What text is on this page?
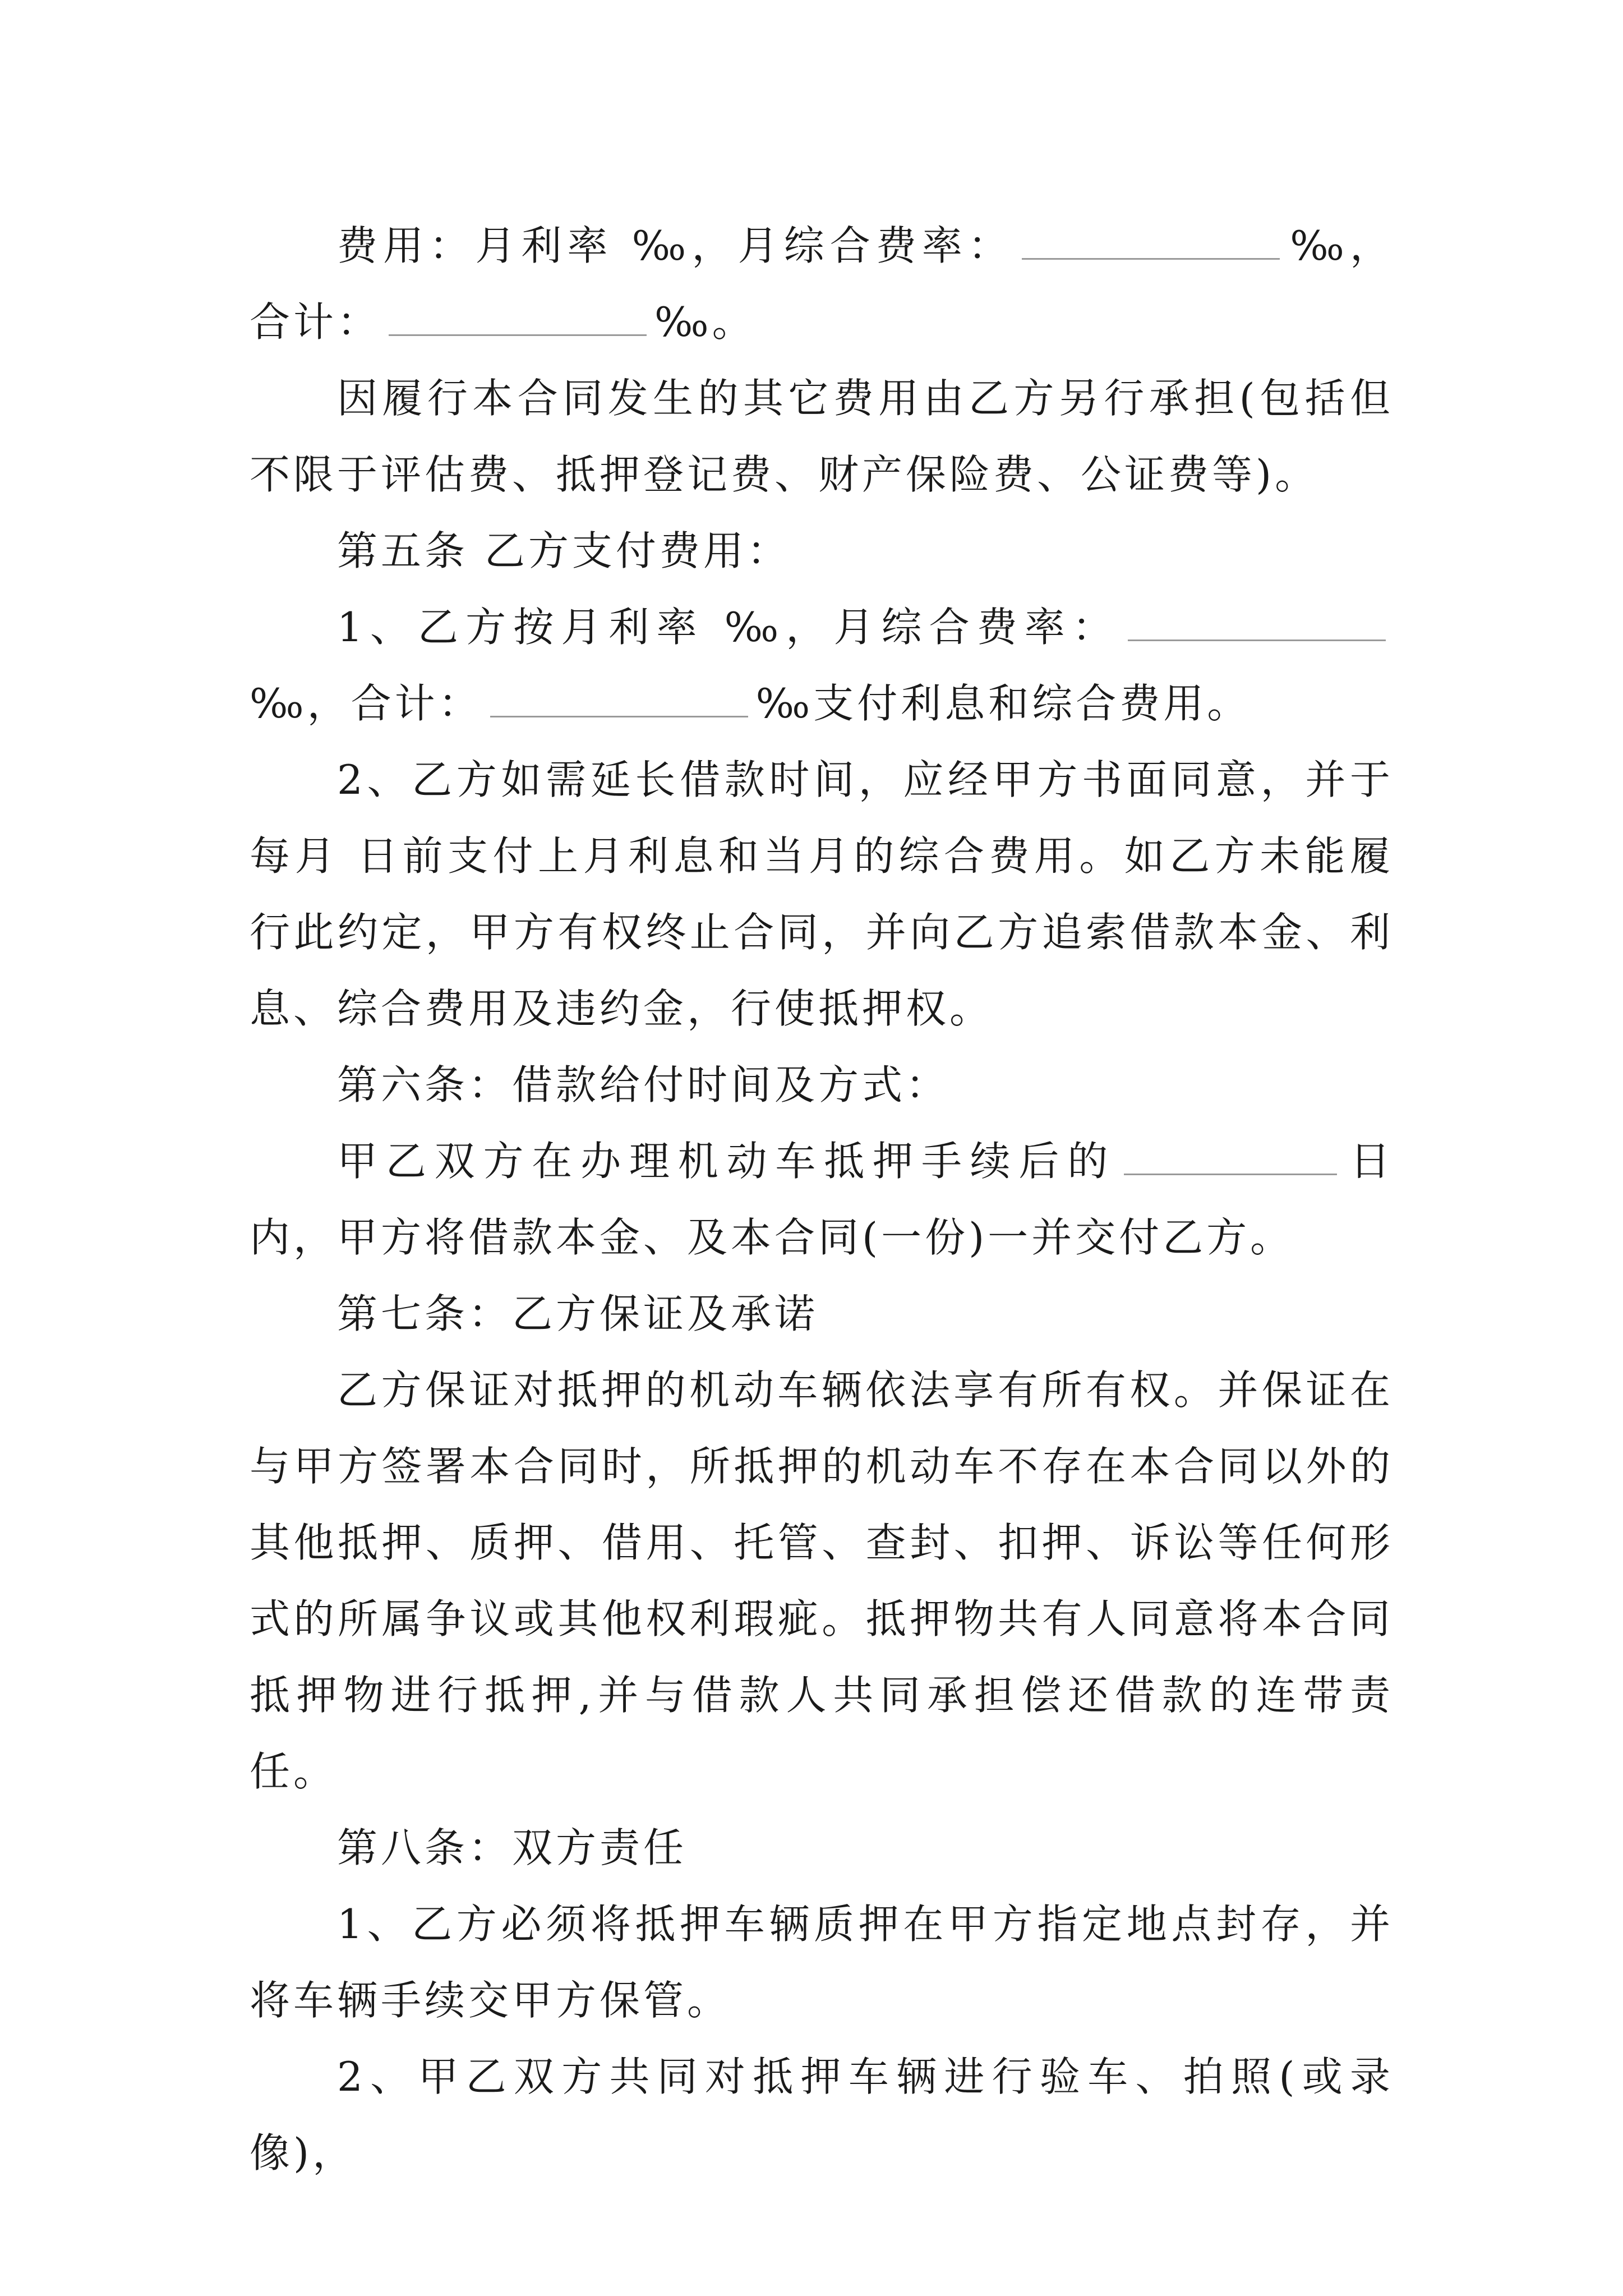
费用：月利率 ‰，月综合费率：	‰，合计：	‰。

因履行本合同发生的其它费用由乙方另行承担(包括但不限于评估费、抵押登记费、财产保险费、公证费等)。

第五条 乙方支付费用：

1、乙方按月利率 ‰，月综合费率：‰，合计：	‰支付利息和综合费用。

2、乙方如需延长借款时间，应经甲方书面同意，并于每月 日前支付上月利息和当月的综合费用。如乙方未能履行此约定，甲方有权终止合同，并向乙方追索借款本金、利息、综合费用及违约金，行使抵押权。

第六条：借款给付时间及方式：

甲乙双方在办理机动车抵押手续后的	日内，甲方将借款本金、及本合同(一份)一并交付乙方。

第七条：乙方保证及承诺

乙方保证对抵押的机动车辆依法享有所有权。并保证在与甲方签署本合同时，所抵押的机动车不存在本合同以外的其他抵押、质押、借用、托管、查封、扣押、诉讼等任何形式的所属争议或其他权利瑕疵。抵押物共有人同意将本合同抵押物进行抵押,并与借款人共同承担偿还借款的连带责任。

第八条：双方责任

1、乙方必须将抵押车辆质押在甲方指定地点封存，并将车辆手续交甲方保管。

2、甲乙双方共同对抵押车辆进行验车、拍照(或录像)，
